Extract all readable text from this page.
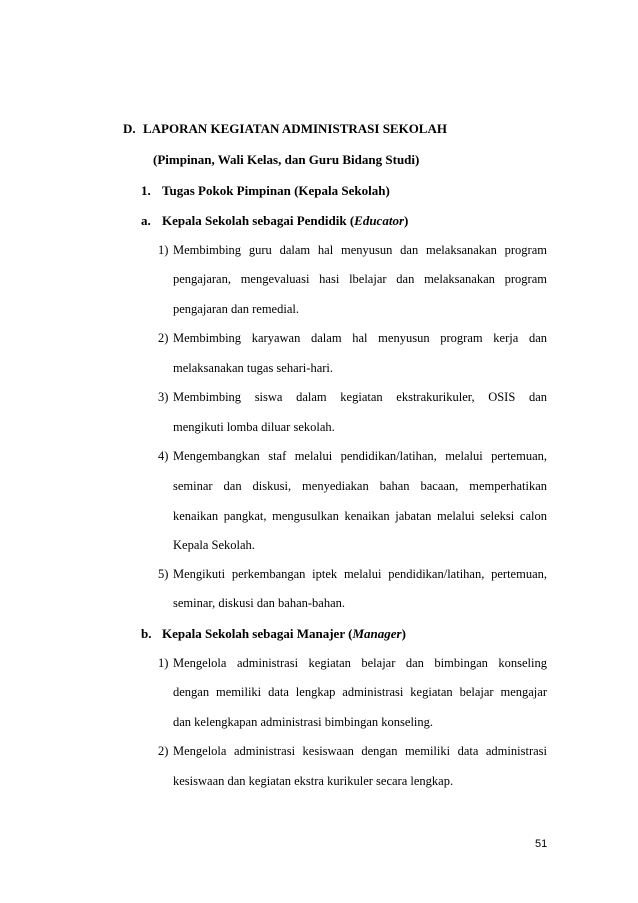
D. LAPORAN KEGIATAN ADMINISTRASI SEKOLAH
(Pimpinan, Wali Kelas, dan Guru Bidang Studi)
1. Tugas Pokok Pimpinan (Kepala Sekolah)
a. Kepala Sekolah sebagai Pendidik (Educator)
1) Membimbing guru dalam hal menyusun dan melaksanakan program
pengajaran, mengevaluasi hasi lbelajar dan melaksanakan program
pengajaran dan remedial.
2) Membimbing karyawan dalam hal menyusun program kerja dan
melaksanakan tugas sehari-hari.
3) Membimbing siswa dalam kegiatan ekstrakurikuler, OSIS dan
mengikuti lomba diluar sekolah.
4) Mengembangkan staf melalui pendidikan/latihan, melalui pertemuan,
seminar dan diskusi, menyediakan bahan bacaan, memperhatikan
kenaikan pangkat, mengusulkan kenaikan jabatan melalui seleksi calon
Kepala Sekolah.
5) Mengikuti perkembangan iptek melalui pendidikan/latihan, pertemuan,
seminar, diskusi dan bahan-bahan.
b. Kepala Sekolah sebagai Manajer (Manager)
1) Mengelola administrasi kegiatan belajar dan bimbingan konseling
dengan memiliki data lengkap administrasi kegiatan belajar mengajar
dan kelengkapan administrasi bimbingan konseling.
2) Mengelola administrasi kesiswaan dengan memiliki data administrasi
kesiswaan dan kegiatan ekstra kurikuler secara lengkap.
51
